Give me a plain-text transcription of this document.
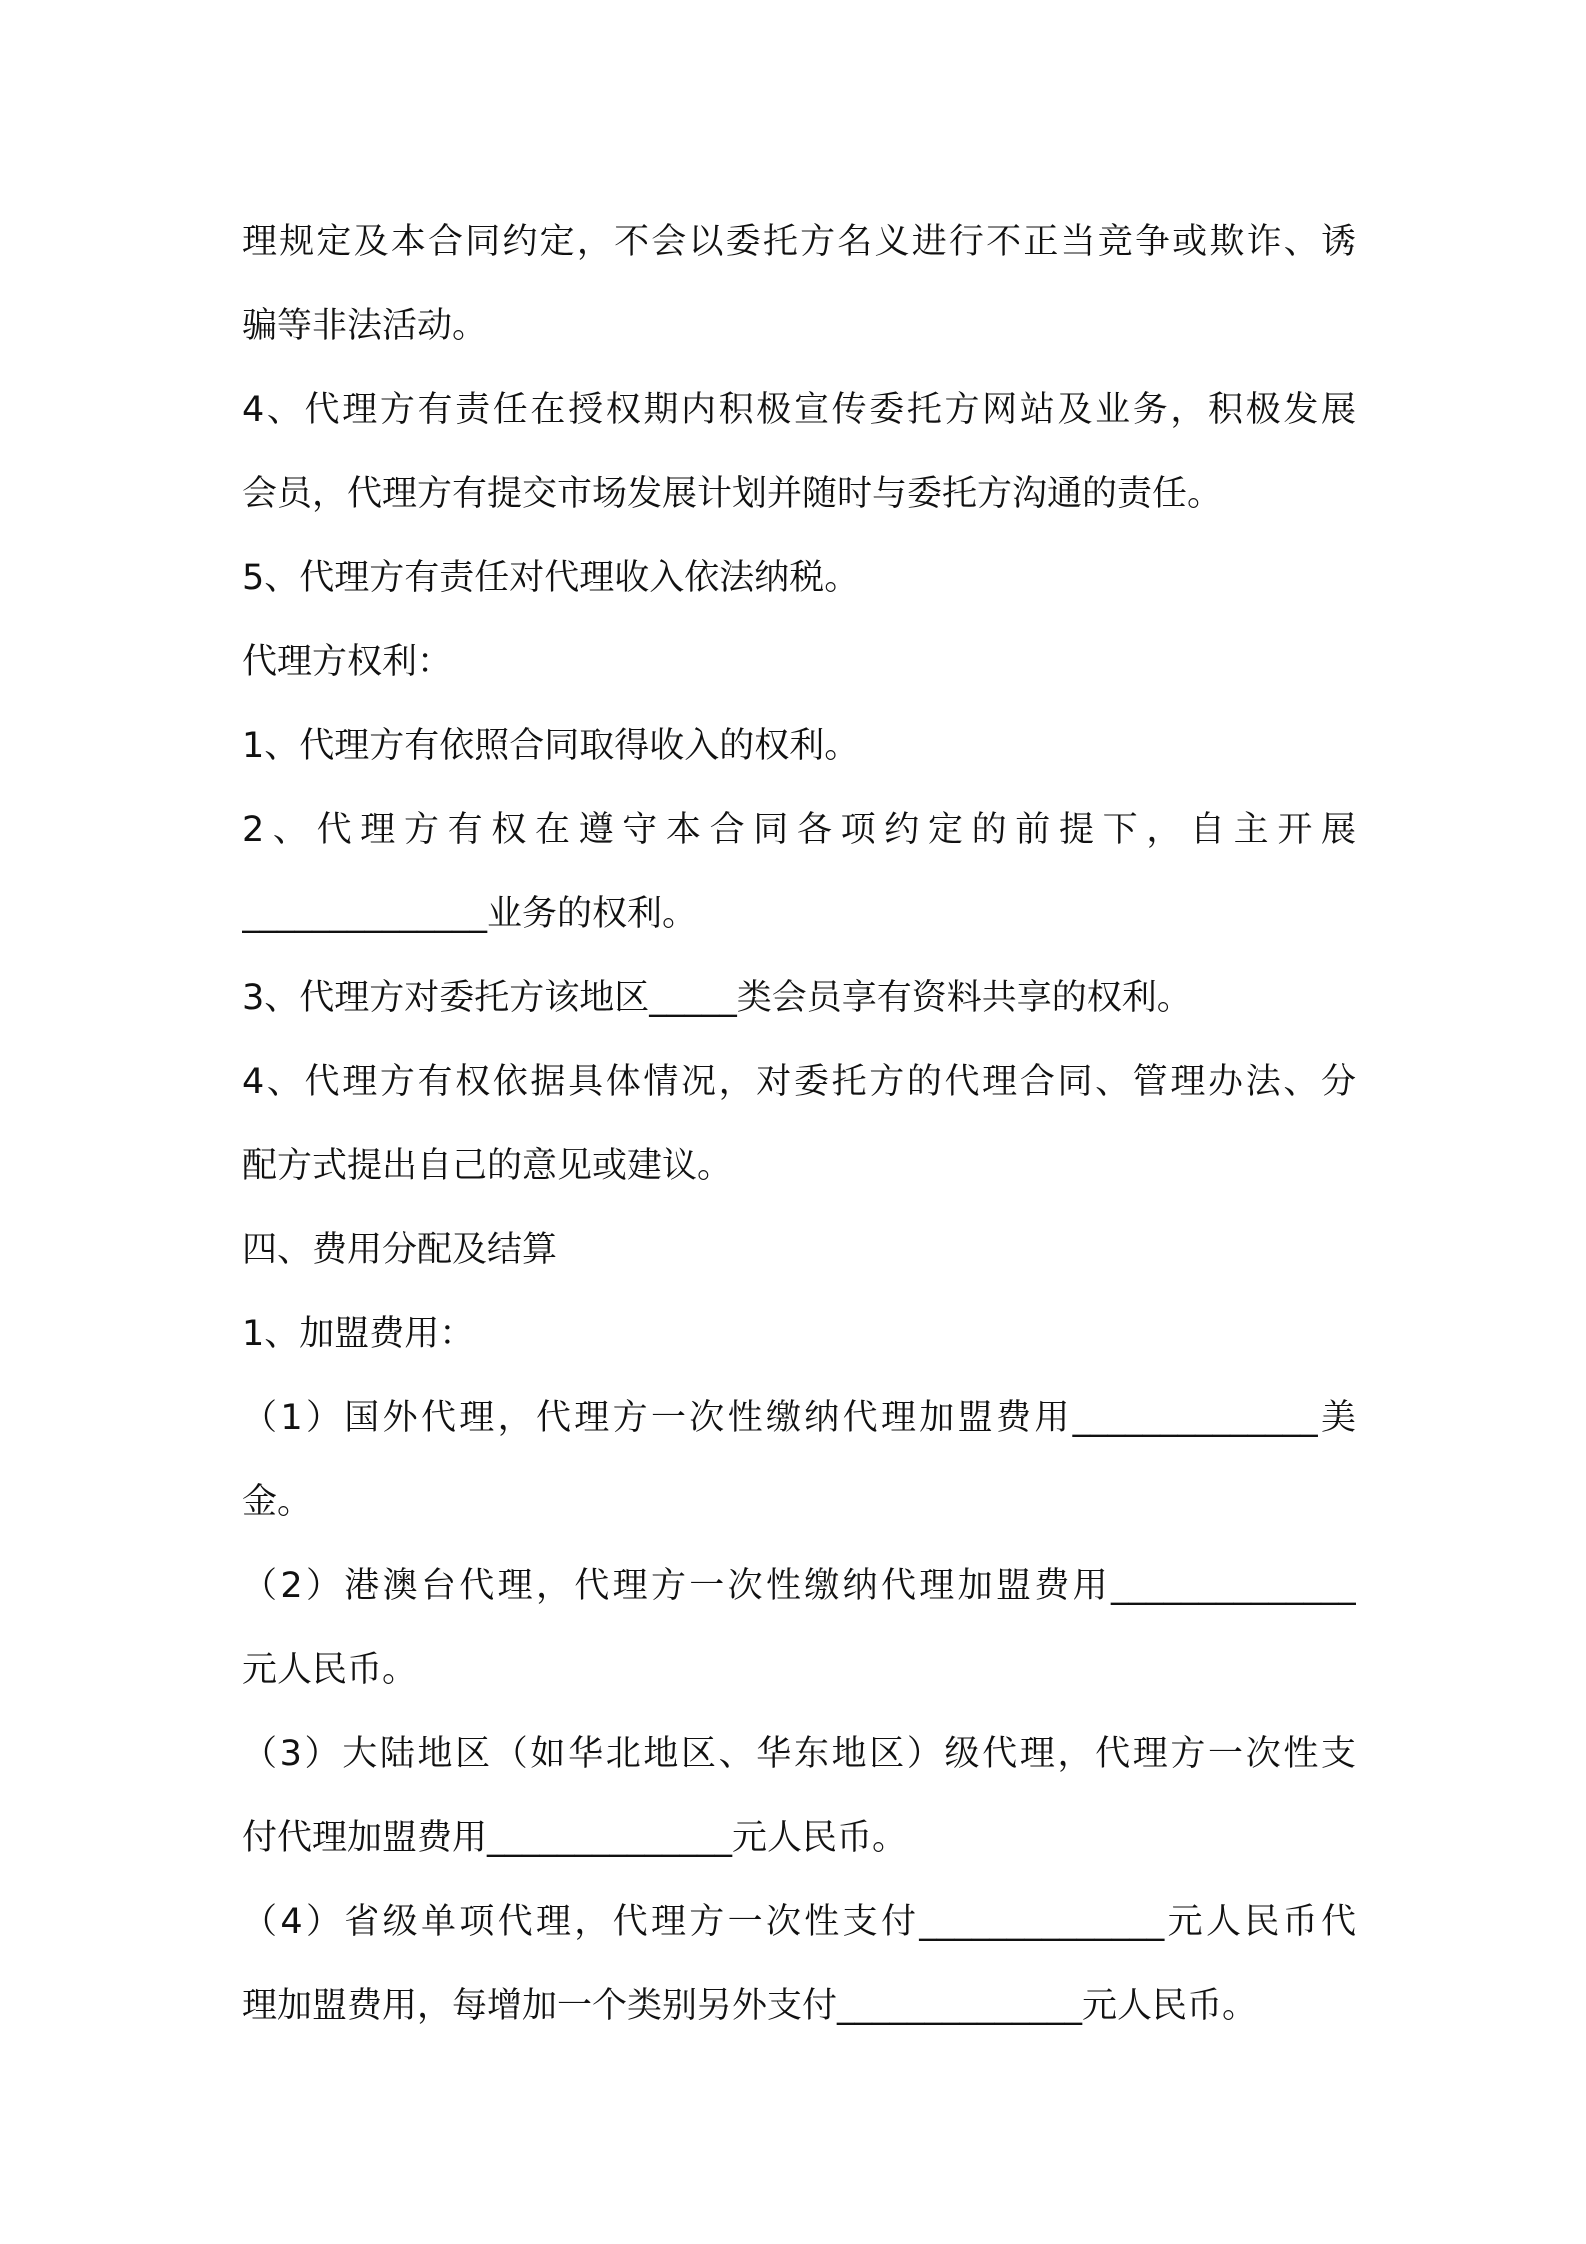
理规定及本合同约定，不会以委托方名义进行不正当竞争或欺诈、诱

骗等非法活动。

4、代理方有责任在授权期内积极宣传委托方网站及业务，积极发展

会员，代理方有提交市场发展计划并随时与委托方沟通的责任。

5、代理方有责任对代理收入依法纳税。

代理方权利：

1、代理方有依照合同取得收入的权利。

2、代理方有权在遵守本合同各项约定的前提下，自主开展

______________业务的权利。

3、代理方对委托方该地区_____类会员享有资料共享的权利。

4、代理方有权依据具体情况，对委托方的代理合同、管理办法、分

配方式提出自己的意见或建议。

四、费用分配及结算

1、加盟费用：

（1）国外代理，代理方一次性缴纳代理加盟费用______________美

金。

（2）港澳台代理，代理方一次性缴纳代理加盟费用______________

元人民币。

（3）大陆地区（如华北地区、华东地区）级代理，代理方一次性支

付代理加盟费用______________元人民币。

（4）省级单项代理，代理方一次性支付______________元人民币代

理加盟费用，每增加一个类别另外支付______________元人民币。
